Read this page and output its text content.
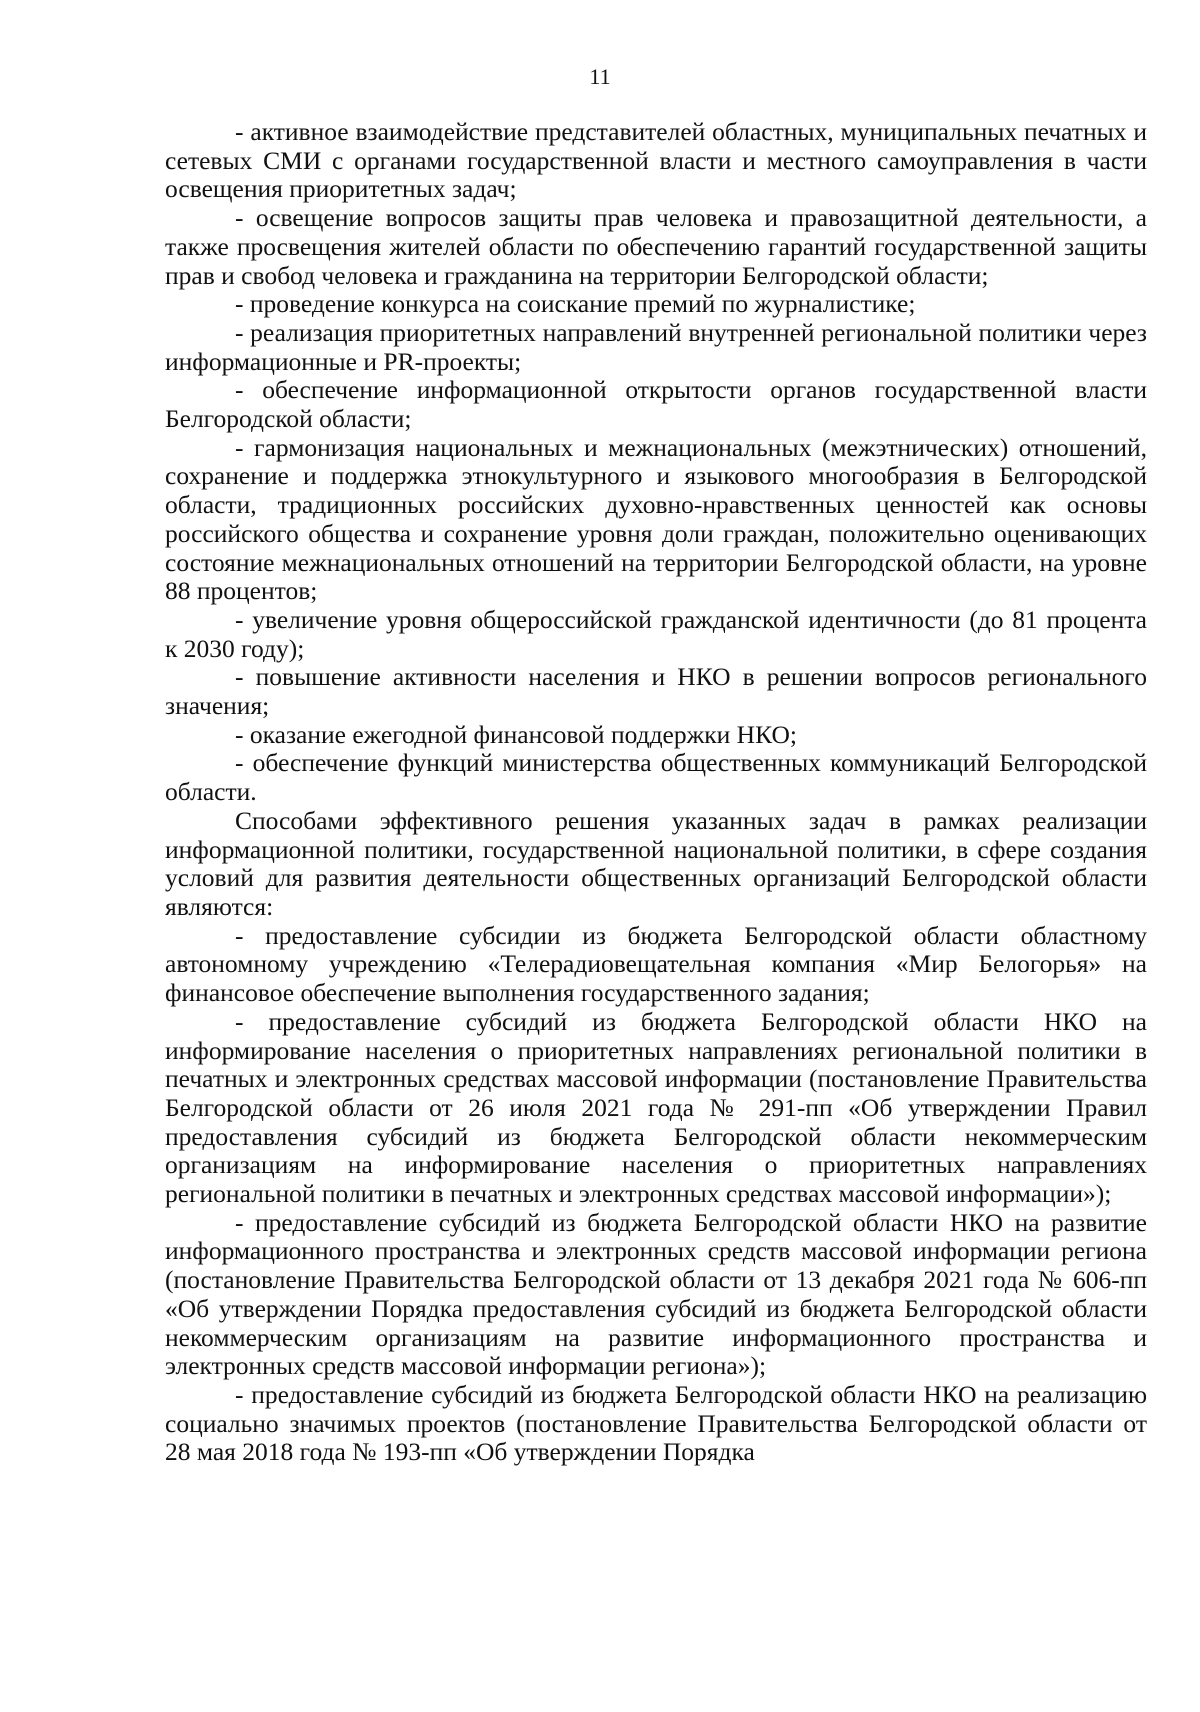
11

- активное взаимодействие представителей областных, муниципальных печатных и сетевых СМИ с органами государственной власти и местного самоуправления в части освещения приоритетных задач;

- освещение вопросов защиты прав человека и правозащитной деятельности, а также просвещения жителей области по обеспечению гарантий государственной защиты прав и свобод человека и гражданина на территории Белгородской области;

- проведение конкурса на соискание премий по журналистике;

- реализация приоритетных направлений внутренней региональной политики через информационные и PR-проекты;

- обеспечение информационной открытости органов государственной власти Белгородской области;

- гармонизация национальных и межнациональных (межэтнических) отношений, сохранение и поддержка этнокультурного и языкового многообразия в Белгородской области, традиционных российских духовно-нравственных ценностей как основы российского общества и сохранение уровня доли граждан, положительно оценивающих состояние межнациональных отношений на территории Белгородской области, на уровне 88 процентов;

- увеличение уровня общероссийской гражданской идентичности (до 81 процента к 2030 году);

- повышение активности населения и НКО в решении вопросов регионального значения;

- оказание ежегодной финансовой поддержки НКО;

- обеспечение функций министерства общественных коммуникаций Белгородской области.

Способами эффективного решения указанных задач в рамках реализации информационной политики, государственной национальной политики, в сфере создания условий для развития деятельности общественных организаций Белгородской области являются:

- предоставление субсидии из бюджета Белгородской области областному автономному учреждению «Телерадиовещательная компания «Мир Белогорья» на финансовое обеспечение выполнения государственного задания;

- предоставление субсидий из бюджета Белгородской области НКО на информирование населения о приоритетных направлениях региональной политики в печатных и электронных средствах массовой информации (постановление Правительства Белгородской области от 26 июля 2021 года № 291-пп «Об утверждении Правил предоставления субсидий из бюджета Белгородской области некоммерческим организациям на информирование населения о приоритетных направлениях региональной политики в печатных и электронных средствах массовой информации»);

- предоставление субсидий из бюджета Белгородской области НКО на развитие информационного пространства и электронных средств массовой информации региона (постановление Правительства Белгородской области от 13 декабря 2021 года № 606-пп «Об утверждении Порядка предоставления субсидий из бюджета Белгородской области некоммерческим организациям на развитие информационного пространства и электронных средств массовой информации региона»);

- предоставление субсидий из бюджета Белгородской области НКО на реализацию социально значимых проектов (постановление Правительства Белгородской области от 28 мая 2018 года № 193-пп «Об утверждении Порядка
